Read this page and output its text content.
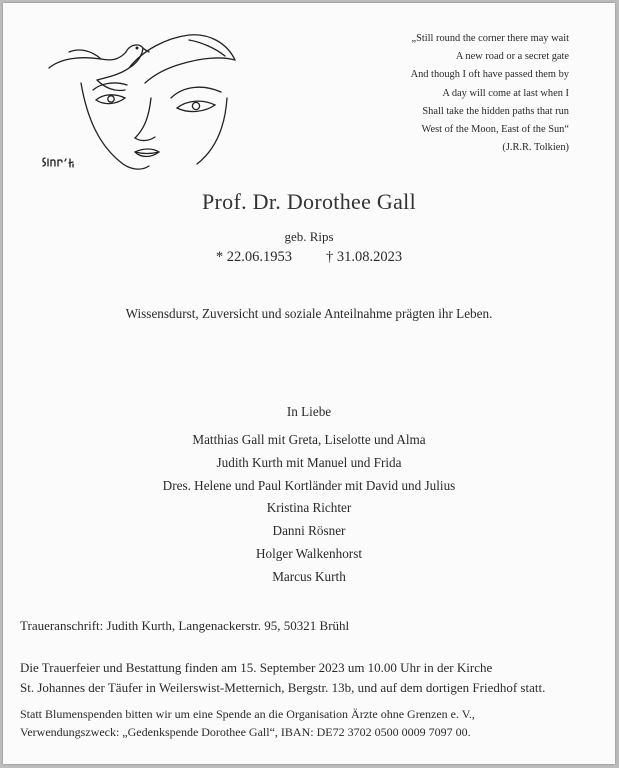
„Still round the corner there may wait
A new road or a secret gate
And though I oft have passed them by
A day will come at last when I
Shall take the hidden paths that run
West of the Moon, East of the Sun“
(J.R.R. Tolkien)
Prof. Dr. Dorothee Gall
geb. Rips
* 22.06.1953 † 31.08.2023
Wissensdurst, Zuversicht und soziale Anteilnahme prägten ihr Leben.
In Liebe
Matthias Gall mit Greta, Liselotte und Alma
Judith Kurth mit Manuel und Frida
Dres. Helene und Paul Kortländer mit David und Julius
Kristina Richter
Danni Rösner
Holger Walkenhorst
Marcus Kurth
Traueranschrift: Judith Kurth, Langenackerstr. 95, 50321 Brühl
Die Trauerfeier und Bestattung finden am 15. September 2023 um 10.00 Uhr in der Kirche
St. Johannes der Täufer in Weilerswist-Metternich, Bergstr. 13b, und auf dem dortigen Friedhof statt.
Statt Blumenspenden bitten wir um eine Spende an die Organisation Ärzte ohne Grenzen e. V.,
Verwendungszweck: „Gedenkspende Dorothee Gall“, IBAN: DE72 3702 0500 0009 7097 00.
